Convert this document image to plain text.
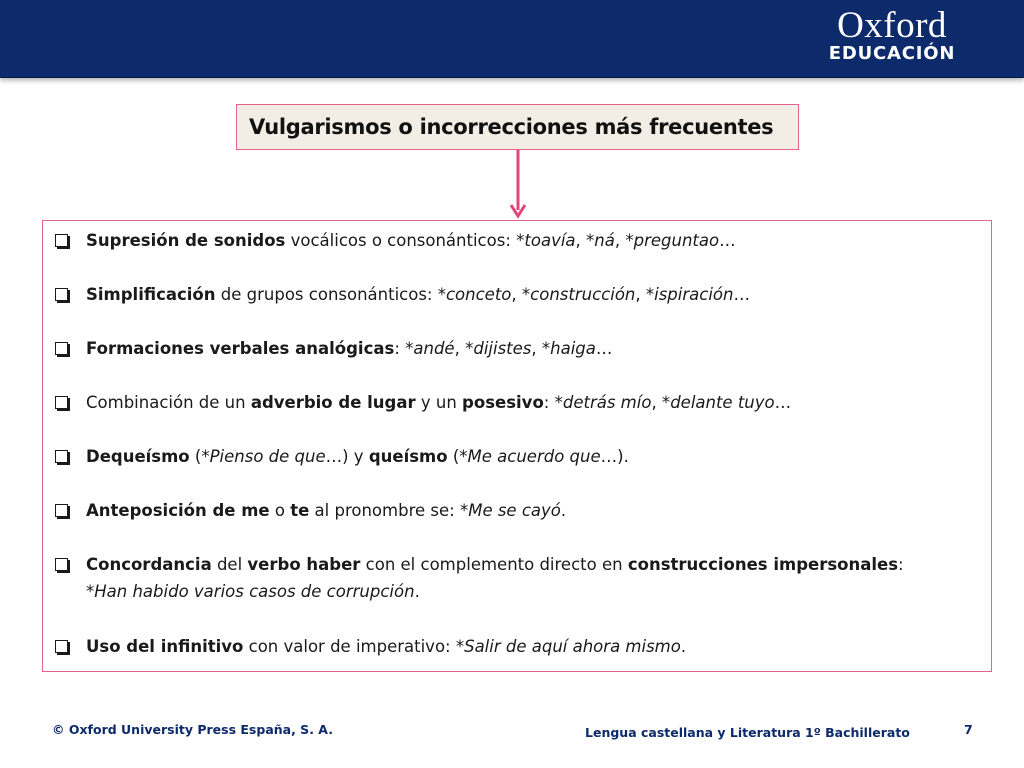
Oxford
EDUCACIÓN
Vulgarismos o incorrecciones más frecuentes
Supresión de sonidos vocálicos o consonánticos: *toavía, *ná, *preguntao…
Simplificación de grupos consonánticos: *conceto, *construcción, *ispiración…
Formaciones verbales analógicas: *andé, *dijistes, *haiga…
Combinación de un adverbio de lugar y un posesivo: *detrás mío, *delante tuyo…
Dequeísmo (*Pienso de que…) y queísmo (*Me acuerdo que…).
Anteposición de me o te al pronombre se: *Me se cayó.
Concordancia del verbo haber con el complemento directo en construcciones impersonales:
*Han habido varios casos de corrupción.
Uso del infinitivo con valor de imperativo: *Salir de aquí ahora mismo.
© Oxford University Press España, S. A.	Lengua castellana y Literatura 1º Bachillerato	7
